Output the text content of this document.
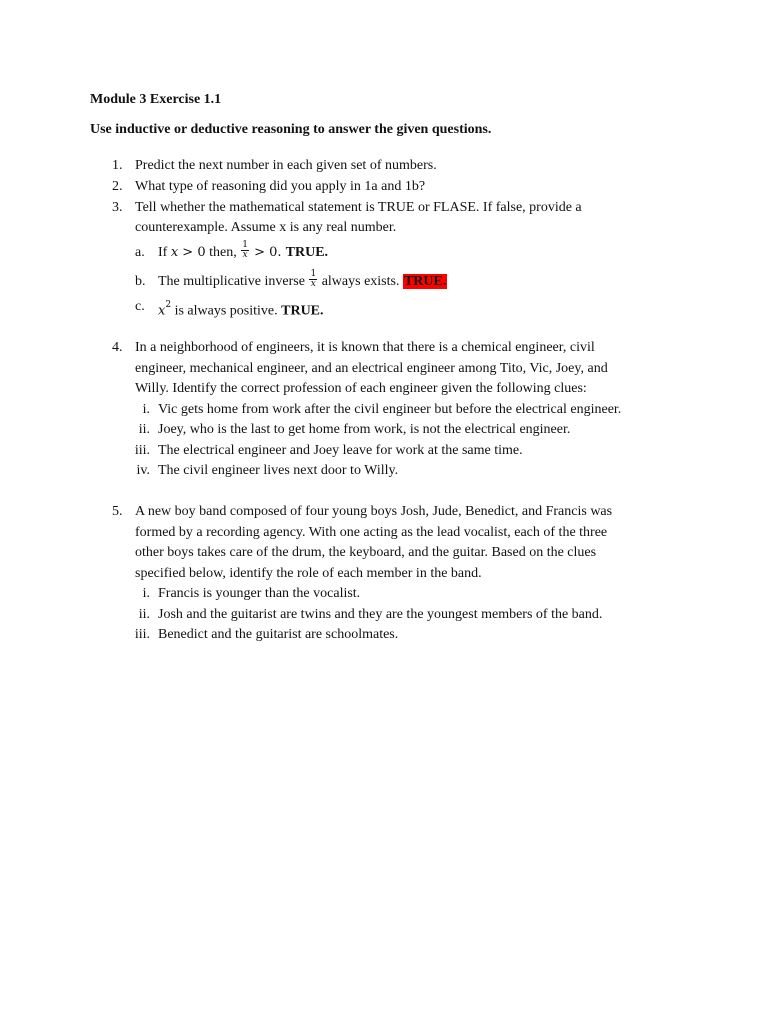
Module 3 Exercise 1.1

Use inductive or deductive reasoning to answer the given questions.

1. Predict the next number in each given set of numbers.
2. What type of reasoning did you apply in 1a and 1b?
3. Tell whether the mathematical statement is TRUE or FLASE. If false, provide a
counterexample. Assume x is any real number.
a. If x > 0 then, $\frac{1}{x} > 0$. TRUE.
b. The multiplicative inverse $\frac{1}{x}$ always exists. TRUE.
c. $x^2$ is always positive. TRUE.
4. In a neighborhood of engineers, it is known that there is a chemical engineer, civil
engineer, mechanical engineer, and an electrical engineer among Tito, Vic, Joey, and
Willy. Identify the correct profession of each engineer given the following clues:
i. Vic gets home from work after the civil engineer but before the electrical engineer.
ii. Joey, who is the last to get home from work, is not the electrical engineer.
iii. The electrical engineer and Joey leave for work at the same time.
iv. The civil engineer lives next door to Willy.
5. A new boy band composed of four young boys Josh, Jude, Benedict, and Francis was
formed by a recording agency. With one acting as the lead vocalist, each of the three
other boys takes care of the drum, the keyboard, and the guitar. Based on the clues
specified below, identify the role of each member in the band.
i. Francis is younger than the vocalist.
ii. Josh and the guitarist are twins and they are the youngest members of the band.
iii. Benedict and the guitarist are schoolmates.
